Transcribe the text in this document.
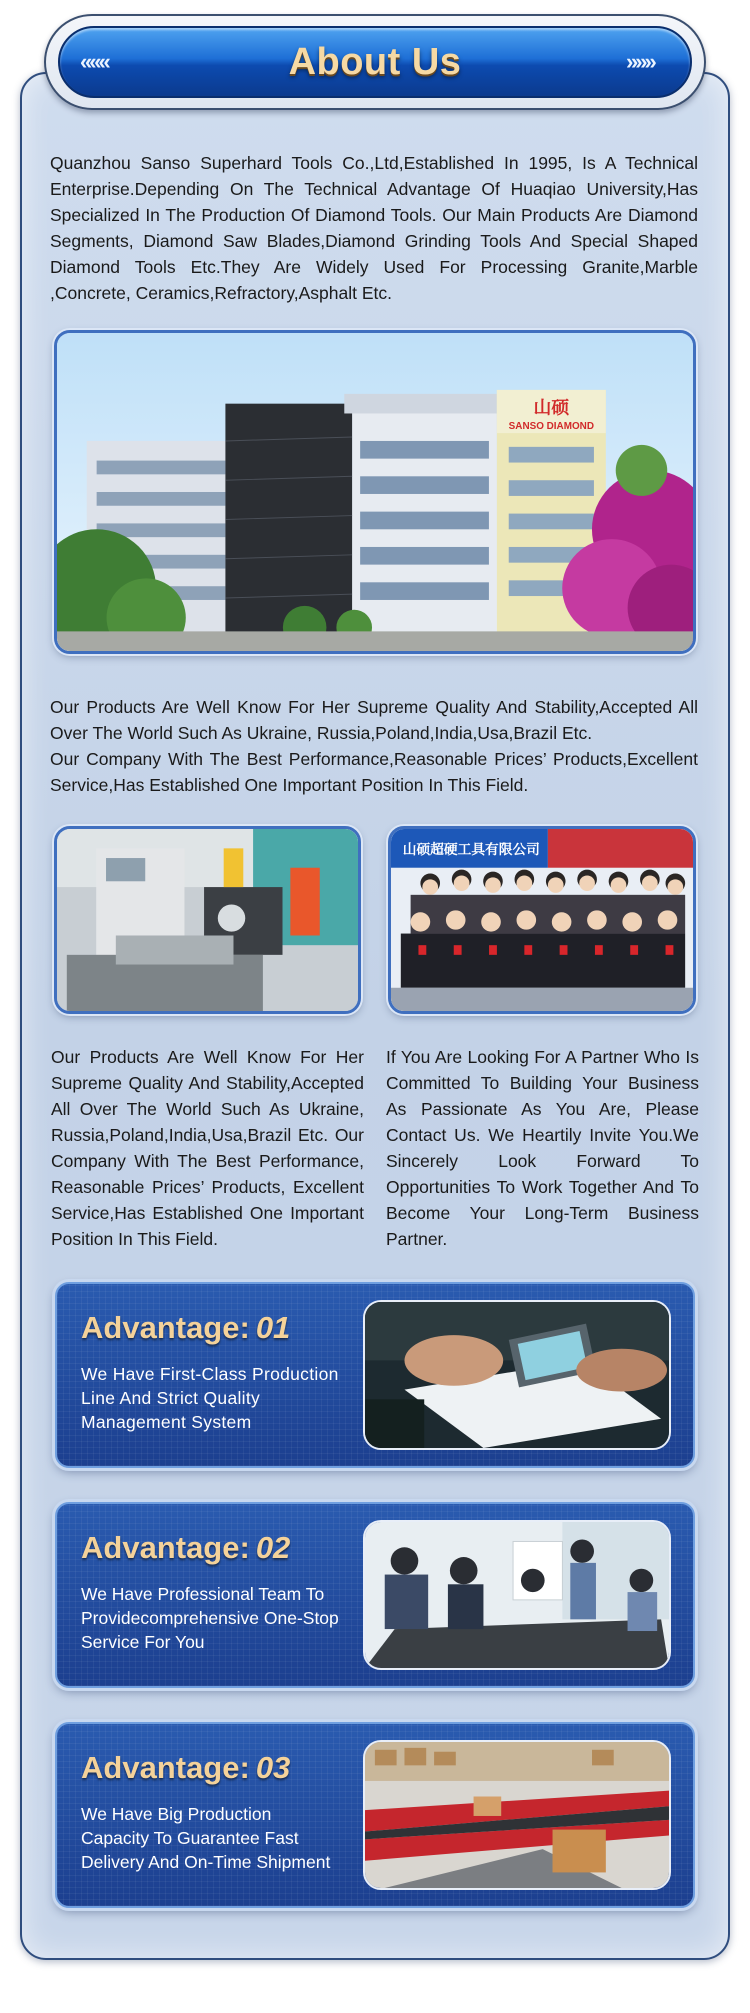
«««	About Us	»»»

Quanzhou Sanso Superhard Tools Co.,Ltd,Established In 1995, Is A Technical Enterprise.Depending On The Technical Advantage Of Huaqiao University,Has Specialized In The Production Of Diamond Tools. Our Main Products Are Diamond Segments, Diamond Saw Blades,Diamond Grinding Tools And Special Shaped Diamond Tools Etc.They Are Widely Used For Processing Granite,Marble ,Concrete, Ceramics,Refractory,Asphalt Etc.

山硕
SANSO DIAMOND

Our Products Are Well Know For Her Supreme Quality And Stability,Accepted All Over The World Such As Ukraine, Russia,Poland,India,Usa,Brazil Etc.
Our Company With The Best Performance,Reasonable Prices’ Products,Excellent Service,Has Established One Important Position In This Field.

山硕超硬工具有限公司

Our Products Are Well Know For Her Supreme Quality And Stability,Accepted All Over The World Such As Ukraine, Russia,Poland,India,Usa,Brazil Etc. Our Company With The Best Performance, Reasonable Prices’ Products, Excellent Service,Has Established One Important Position In This Field.

If You Are Looking For A Partner Who Is Committed To Building Your Business As Passionate As You Are, Please Contact Us. We Heartily Invite You.We Sincerely Look Forward To Opportunities To Work Together And To Become Your Long-Term Business Partner.

Advantage: 01

We Have First-Class Production Line And Strict Quality Management System

Advantage: 02

We Have Professional Team To Providecomprehensive One-Stop Service For You

Advantage: 03

We Have Big Production Capacity To Guarantee Fast Delivery And On-Time Shipment
